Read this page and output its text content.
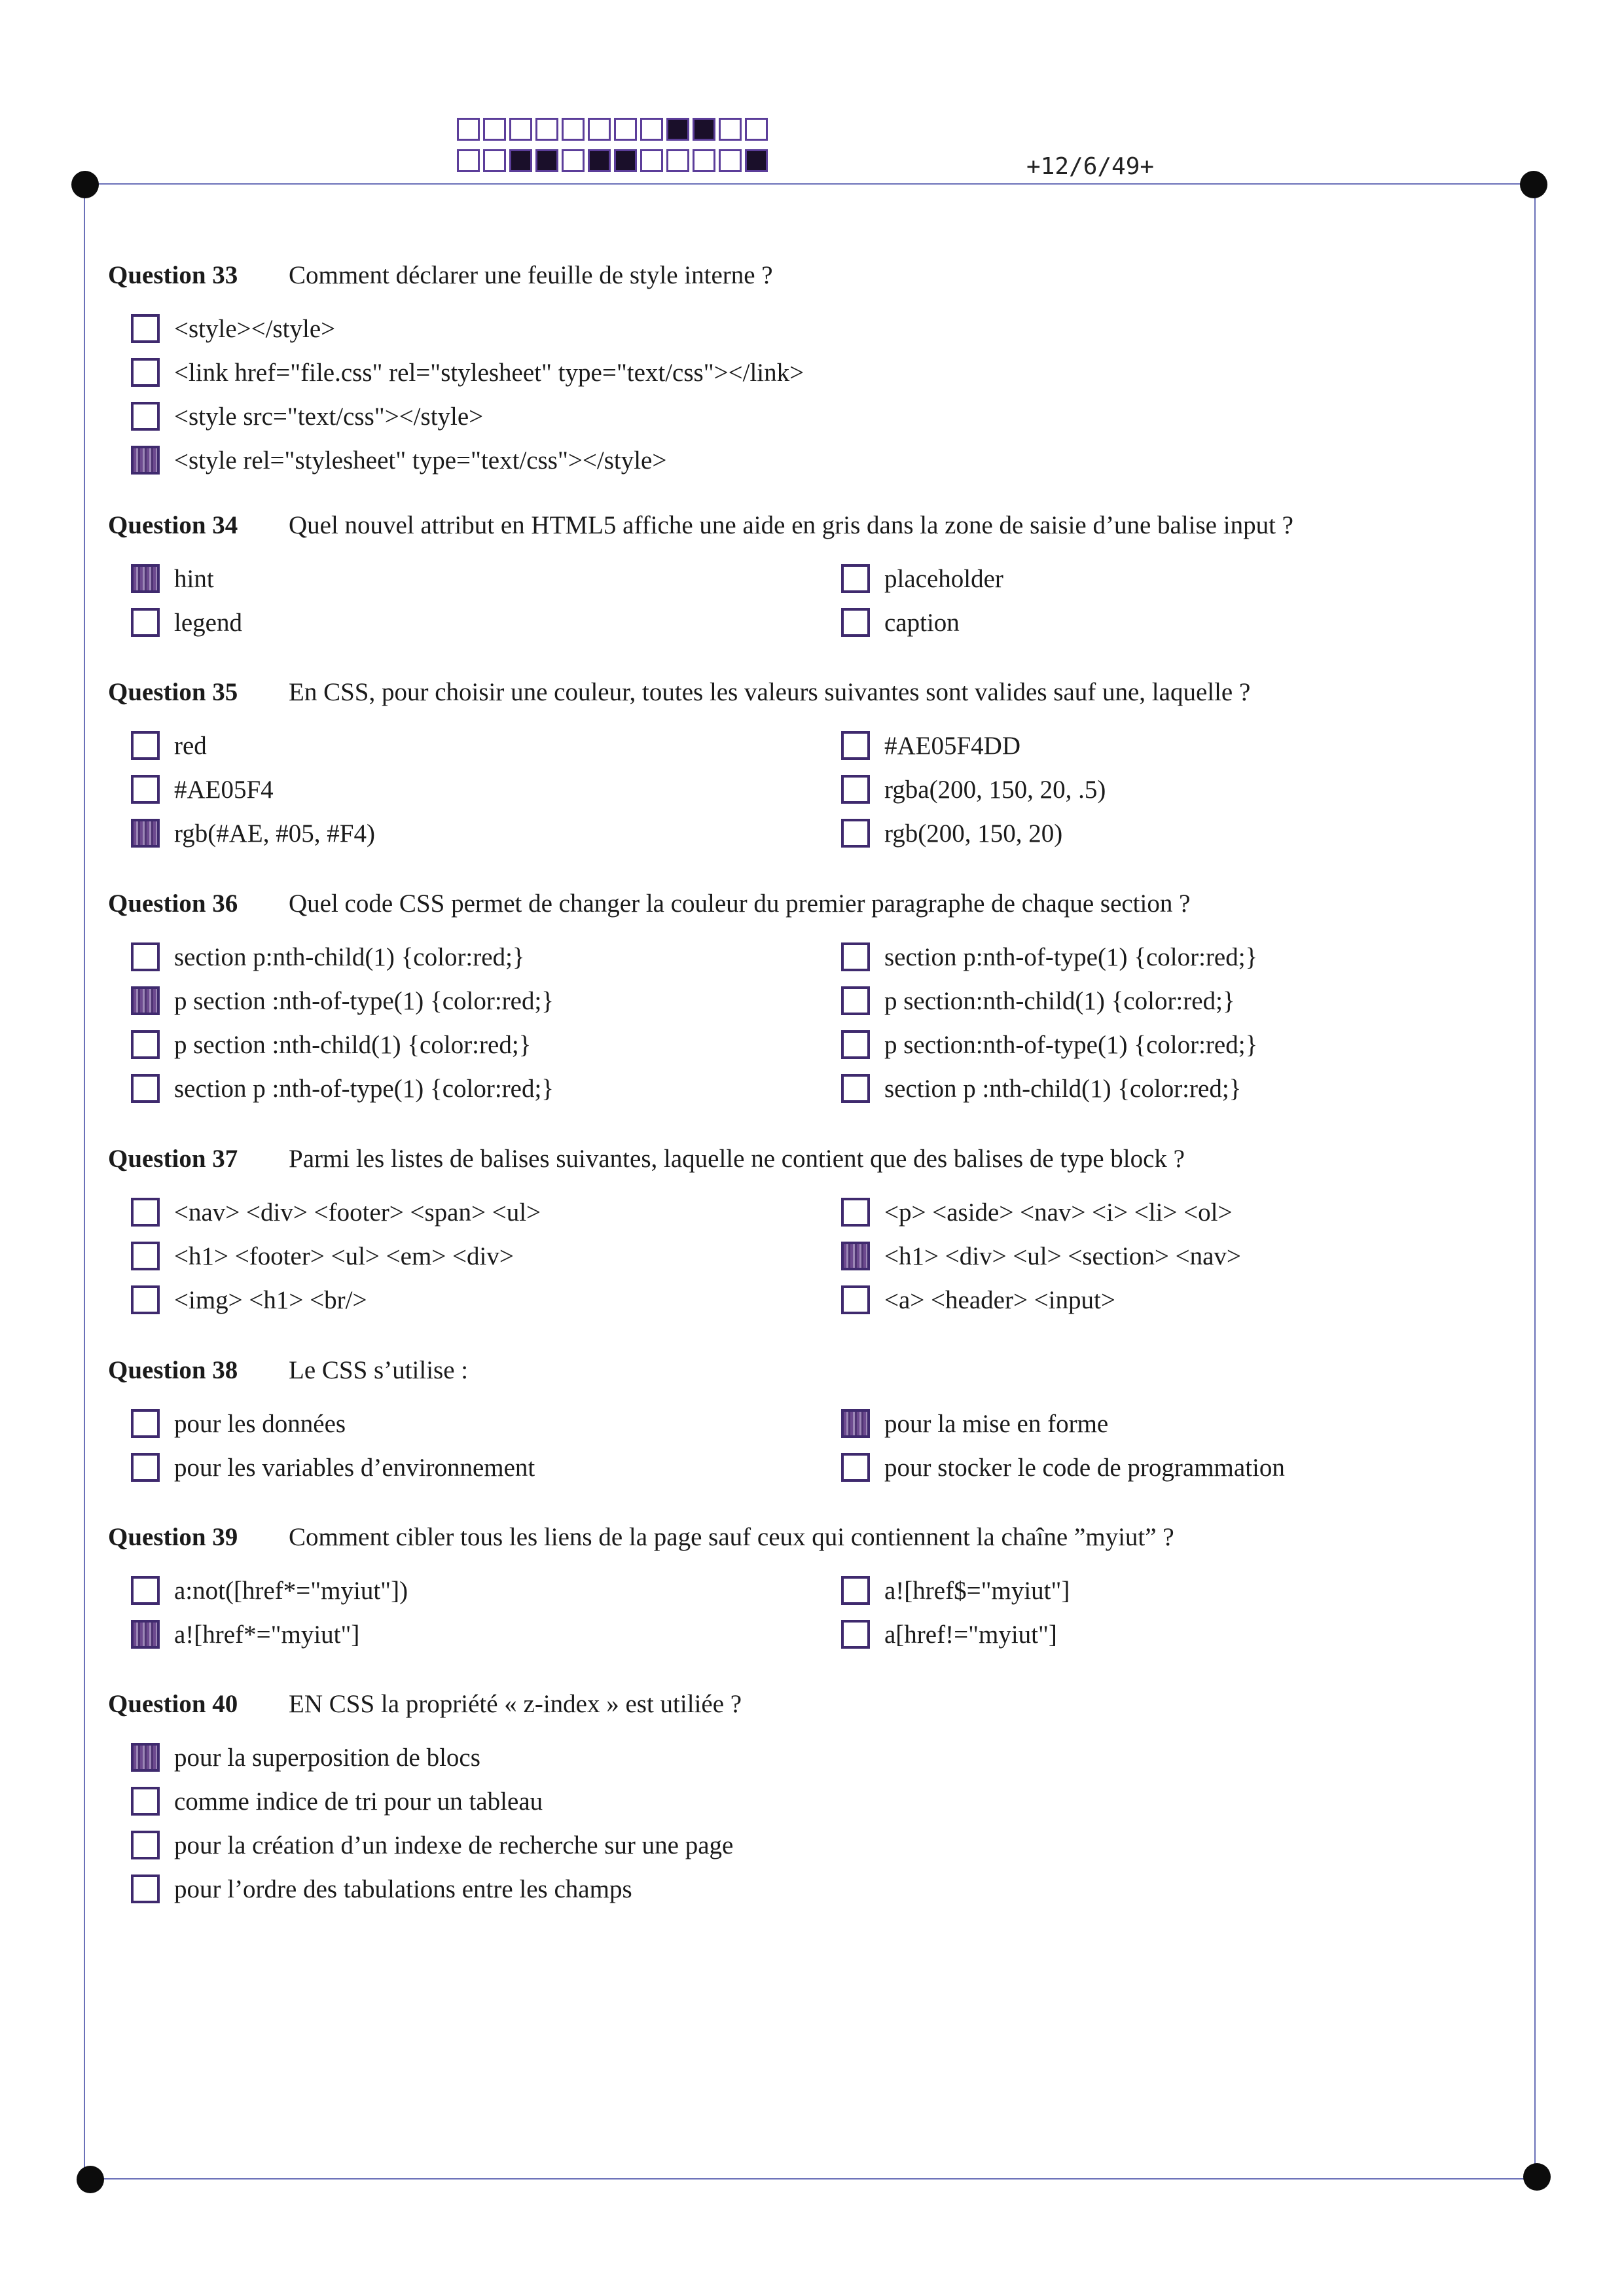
+12/6/49+
Question 33	Comment déclarer une feuille de style interne ?
<style></style>
<link href="file.css" rel="stylesheet" type="text/css"></link>
<style src="text/css"></style>
<style rel="stylesheet" type="text/css"></style>
Question 34	Quel nouvel attribut en HTML5 affiche une aide en gris dans la zone de saisie d’une balise input ?
hint
legend
placeholder
caption
Question 35	En CSS, pour choisir une couleur, toutes les valeurs suivantes sont valides sauf une, laquelle ?
red
#AE05F4
rgb(#AE, #05, #F4)
#AE05F4DD
rgba(200, 150, 20, .5)
rgb(200, 150, 20)
Question 36	Quel code CSS permet de changer la couleur du premier paragraphe de chaque section ?
section p:nth-child(1) {color:red;}
p section :nth-of-type(1) {color:red;}
p section :nth-child(1) {color:red;}
section p :nth-of-type(1) {color:red;}
section p:nth-of-type(1) {color:red;}
p section:nth-child(1) {color:red;}
p section:nth-of-type(1) {color:red;}
section p :nth-child(1) {color:red;}
Question 37	Parmi les listes de balises suivantes, laquelle ne contient que des balises de type block ?
<nav> <div> <footer> <span> <ul>
<h1> <footer> <ul> <em> <div>
<img> <h1> <br/>
<p> <aside> <nav> <i> <li> <ol>
<h1> <div> <ul> <section> <nav>
<a> <header> <input>
Question 38	Le CSS s’utilise :
pour les données
pour les variables d’environnement
pour la mise en forme
pour stocker le code de programmation
Question 39	Comment cibler tous les liens de la page sauf ceux qui contiennent la chaîne ”myiut” ?
a:not([href*="myiut"])
a![href*="myiut"]
a![href$="myiut"]
a[href!="myiut"]
Question 40	EN CSS la propriété « z-index » est utiliée ?
pour la superposition de blocs
comme indice de tri pour un tableau
pour la création d’un indexe de recherche sur une page
pour l’ordre des tabulations entre les champs
